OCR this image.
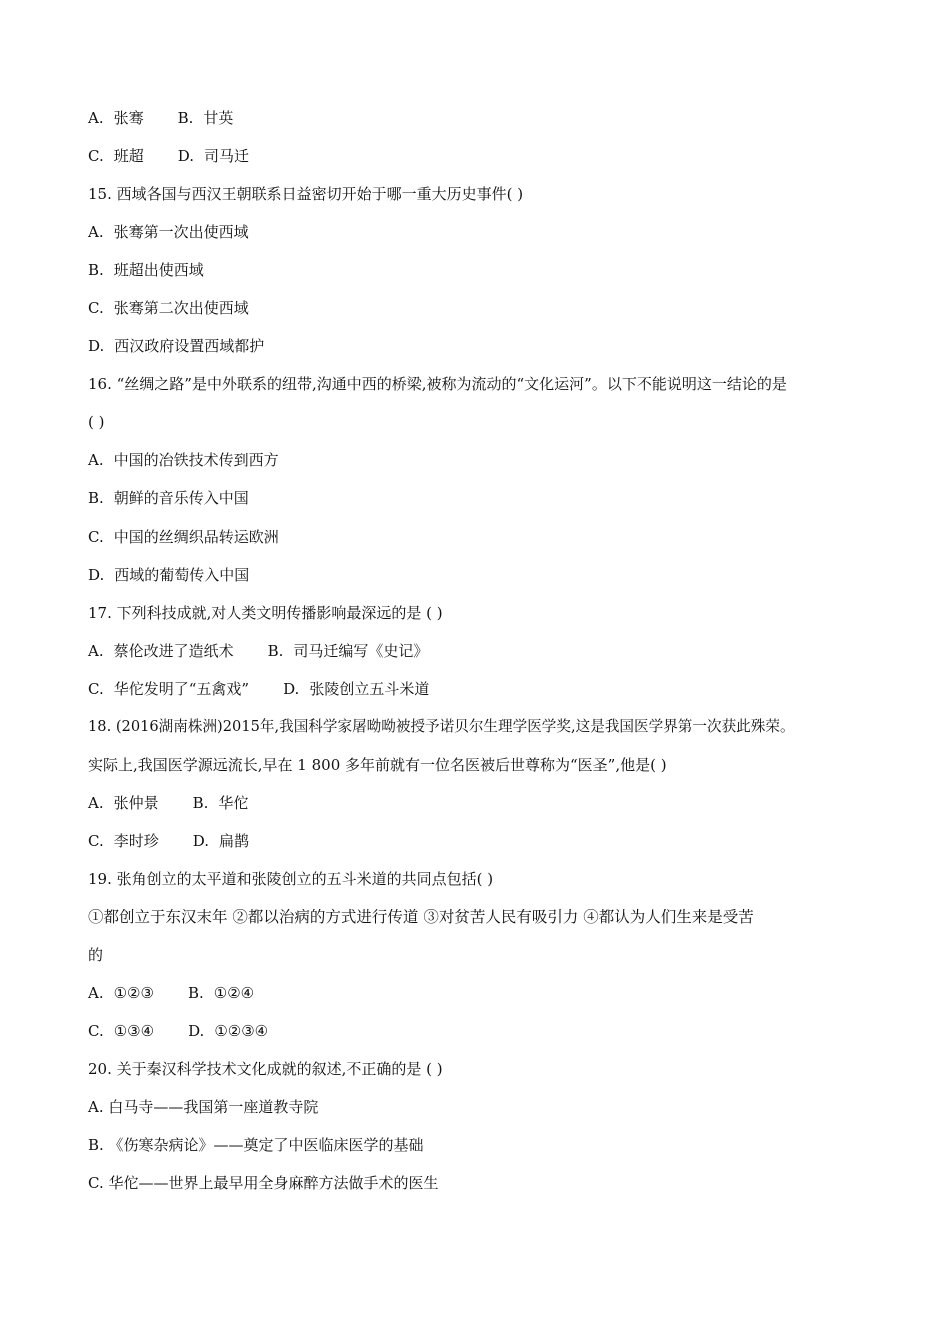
A. 张骞 B. 甘英
C. 班超 D. 司马迁
15. 西域各国与西汉王朝联系日益密切开始于哪一重大历史事件( )
A. 张骞第一次出使西域
B. 班超出使西域
C. 张骞第二次出使西域
D. 西汉政府设置西域都护
16. “丝绸之路”是中外联系的纽带,沟通中西的桥梁,被称为流动的“文化运河”。以下不能说明这一结论的是
( )
A. 中国的冶铁技术传到西方
B. 朝鲜的音乐传入中国
C. 中国的丝绸织品转运欧洲
D. 西域的葡萄传入中国
17. 下列科技成就,对人类文明传播影响最深远的是 ( )
A. 蔡伦改进了造纸术 B. 司马迁编写《史记》
C. 华佗发明了“五禽戏” D. 张陵创立五斗米道
18. (2016湖南株洲)2015年,我国科学家屠呦呦被授予诺贝尔生理学医学奖,这是我国医学界第一次获此殊荣。
实际上,我国医学源远流长,早在 1 800 多年前就有一位名医被后世尊称为“医圣”,他是( )
A. 张仲景 B. 华佗
C. 李时珍 D. 扁鹊
19. 张角创立的太平道和张陵创立的五斗米道的共同点包括( )
①都创立于东汉末年 ②都以治病的方式进行传道 ③对贫苦人民有吸引力 ④都认为人们生来是受苦
的
A. ①②③ B. ①②④
C. ①③④ D. ①②③④
20. 关于秦汉科学技术文化成就的叙述,不正确的是 ( )
A. 白马寺——我国第一座道教寺院
B. 《伤寒杂病论》——奠定了中医临床医学的基础
C. 华佗——世界上最早用全身麻醉方法做手术的医生
